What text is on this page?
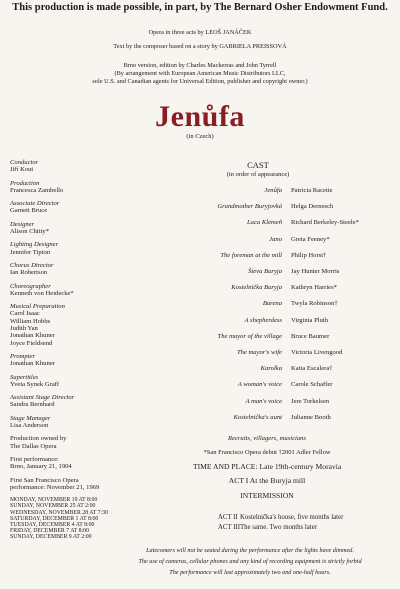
This production is made possible, in part, by The Bernard Osher Endowment Fund.
Opera in three acts by LEOŠ JANÁČEK
Text by the composer based on a story by GABRIELA PREISSOVÁ
Brno version, edition by Charles Mackerras and John Tyrrell
(By arrangement with European American Music Distributors LLC,
sole U.S. and Canadian agents for Universal Edition, publisher and copyright owner.)
Jenůfa
(in Czech)
Conductor
Jiří Kout
Production
Francesca Zambello
Associate Director
Garnett Bruce
Designer
Alison Chitty*
Lighting Designer
Jennifer Tipton
Chorus Director
Ian Robertson
Choreographer
Kenneth von Heidecke*
Musical Preparation
Carol Isaac
William Hobbs
Judith Yan
Jonathan Khuner
Joyce Fieldsend
Prompter
Jonathan Khuner
Supertitles
Yveta Synek Graff
Assistant Stage Director
Sandra Bernhard
Stage Manager
Lisa Anderson
Production owned by
The Dallas Opera
First performance:
Brno, January 21, 1904
First San Francisco Opera
performance: November 21, 1969
MONDAY, NOVEMBER 19 AT 8:00
SUNDAY, NOVEMBER 25 AT 2:00
WEDNESDAY, NOVEMBER 28 AT 7:30
SATURDAY, DECEMBER 1 AT 8:00
TUESDAY, DECEMBER 4 AT 8:00
FRIDAY, DECEMBER 7 AT 8:00
SUNDAY, DECEMBER 9 AT 2:00
CAST
(in order of appearance)
Jenůfa Patricia Racette
Grandmother Buryjovká Helga Dernesch
Laca Klemeň Richard Berkeley-Steele*
Jano Greta Feeney*
The foreman at the mill Philip Horst†
Števa Buryja Jay Hunter Morris
Kostelnička Buryja Kathryn Harries*
Barena Twyla Robinson†
A shepherdess Virginia Pluth
The mayor of the village Bruce Baumer
The mayor's wife Victoria Livengood
Karolka Katia Escalera†
A woman's voice Carole Schaffer
A man's voice Jere Torkelsen
Kostelnička's aunt Julianne Booth
Recruits, villagers, musicians
*San Francisco Opera debut †2001 Adler Fellow
TIME AND PLACE: Late 19th-century Moravia
ACT I At the Buryja mill
INTERMISSION
ACT II Kostelnička's house, five months later
ACT IIIThe same. Two months later
Latecomers will not be seated during the performance after the lights have dimmed.
The use of cameras, cellular phones and any kind of recording equipment is strictly forbid
The performance will last approximately two and one-half hours.
